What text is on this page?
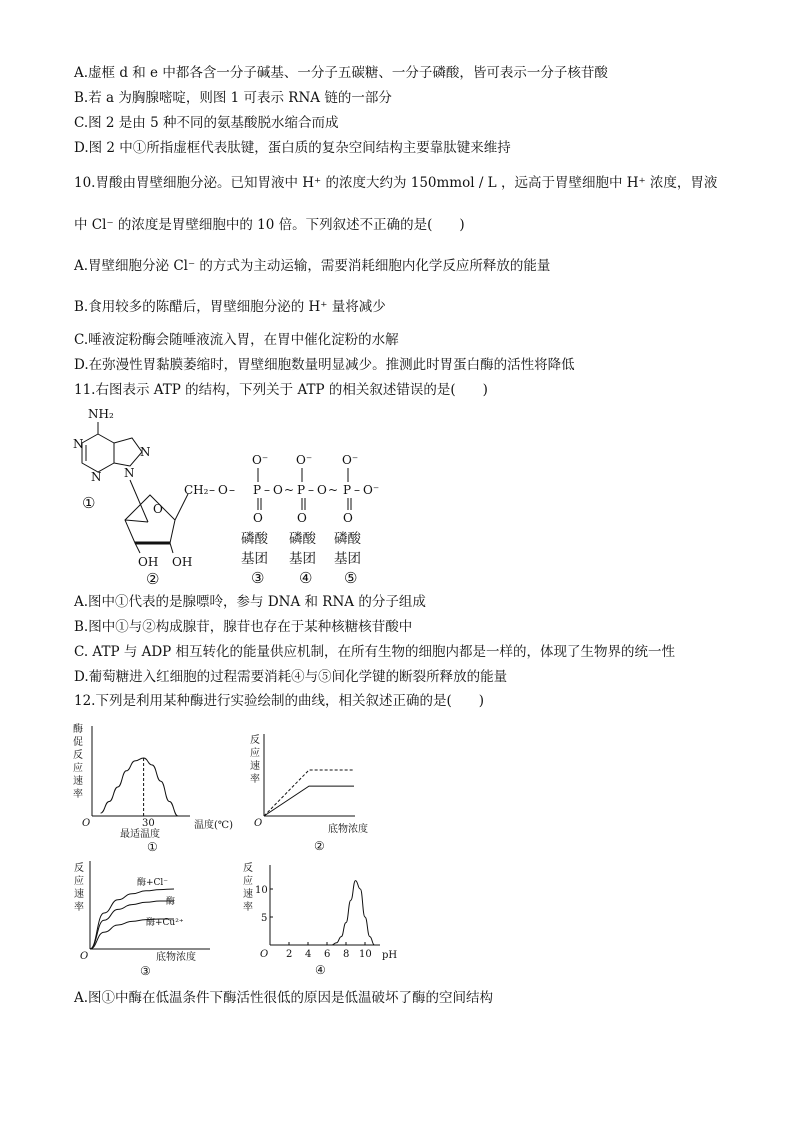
A.虚框 d 和 e 中都各含一分子碱基、一分子五碳糖、一分子磷酸，皆可表示一分子核苷酸
B.若 a 为胸腺嘧啶，则图 1 可表示 RNA 链的一部分
C.图 2 是由 5 种不同的氨基酸脱水缩合而成
D.图 2 中①所指虚框代表肽键，蛋白质的复杂空间结构主要靠肽键来维持
10.胃酸由胃壁细胞分泌。已知胃液中 H⁺ 的浓度大约为 150mmol / L ，远高于胃壁细胞中 H⁺ 浓度，胃液
中 Cl⁻ 的浓度是胃壁细胞中的 10 倍。下列叙述不正确的是(　　)
A.胃壁细胞分泌 Cl⁻ 的方式为主动运输，需要消耗细胞内化学反应所释放的能量
B.食用较多的陈醋后，胃壁细胞分泌的 H⁺ 量将减少
C.唾液淀粉酶会随唾液流入胃，在胃中催化淀粉的水解
D.在弥漫性胃黏膜萎缩时，胃壁细胞数量明显减少。推测此时胃蛋白酶的活性将降低
11.右图表示 ATP 的结构，下列关于 ATP 的相关叙述错误的是(　　)
NH₂
N
N
N
N
①	O
OH OH
②
CH₂ – O –
O⁻
P
O
– O ~
O⁻
P
O
– O ~
O⁻
P
O
– O⁻
磷酸
基团
③
磷酸
基团
④
磷酸
基团
⑤
A.图中①代表的是腺嘌呤，参与 DNA 和 RNA 的分子组成
B.图中①与②构成腺苷，腺苷也存在于某种核糖核苷酸中
C. ATP 与 ADP 相互转化的能量供应机制，在所有生物的细胞内都是一样的，体现了生物界的统一性
D.葡萄糖进入红细胞的过程需要消耗④与⑤间化学键的断裂所释放的能量
12.下列是利用某种酶进行实验绘制的曲线，相关叙述正确的是(　　)
酶
促
反
应
速
率
O	30	温度(℃)
最适温度
①
反
应
速
率
O
底物浓度
②
反
应
速
率
O
酶+Cl⁻
酶
酶+Cu²⁺
底物浓度
③
反
应
速
率
O 2 4 6 8 10
5
10
pH
④
A.图①中酶在低温条件下酶活性很低的原因是低温破坏了酶的空间结构
